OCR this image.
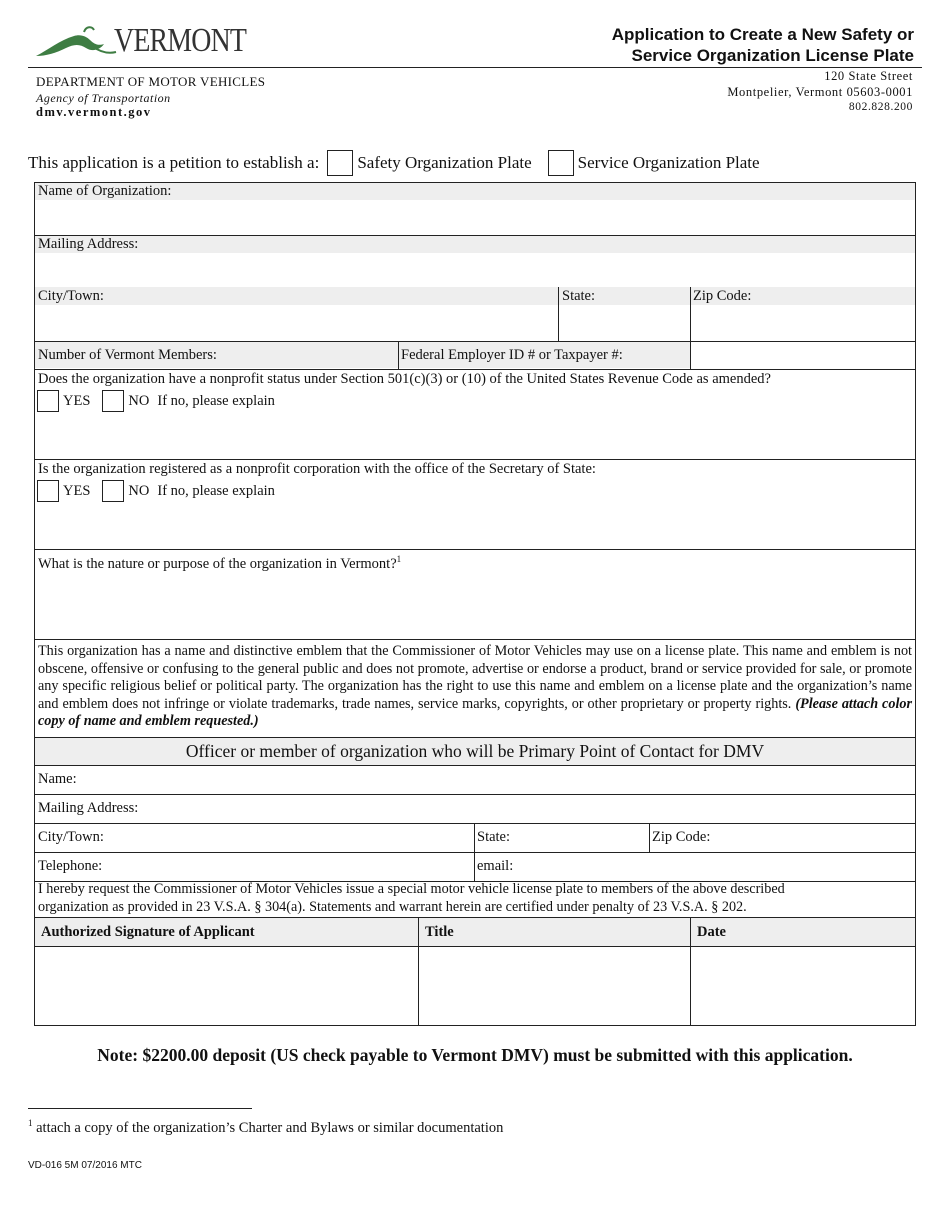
VERMONT	Application to Create a New Safety or
Service Organization License Plate
DEPARTMENT OF MOTOR VEHICLES
Agency of Transportation
dmv.vermont.gov
120 State Street
Montpelier, Vermont 05603-0001
802.828.200
This application is a petition to establish a: Safety Organization Plate	Service Organization Plate
Name of Organization:
Mailing Address:
City/Town:	State:	Zip Code:
Number of Vermont Members:	Federal Employer ID # or Taxpayer #:
Does the organization have a nonprofit status under Section 501(c)(3) or (10) of the United States Revenue Code as amended?
YES	NO If no, please explain
Is the organization registered as a nonprofit corporation with the office of the Secretary of State:
YES	NO If no, please explain
What is the nature or purpose of the organization in Vermont?$^1$
This organization has a name and distinctive emblem that the Commissioner of Motor Vehicles may use on a license plate. This name and emblem is not obscene, offensive or confusing to the general public and does not promote, advertise or endorse a product, brand or service provided for sale, or promote any specific religious belief or political party. The organization has the right to use this name and emblem on a license plate and the organization’s name and emblem does not infringe or violate trademarks, trade names, service marks, copyrights, or other proprietary or property rights. (Please attach color copy of name and emblem requested.)
Officer or member of organization who will be Primary Point of Contact for DMV
Name:
Mailing Address:
City/Town:	State:	Zip Code:
Telephone:	email:
I hereby request the Commissioner of Motor Vehicles issue a special motor vehicle license plate to members of the above described
organization as provided in 23 V.S.A. § 304(a). Statements and warrant herein are certified under penalty of 23 V.S.A. § 202.
Authorized Signature of Applicant	Title	Date
Note: $2200.00 deposit (US check payable to Vermont DMV) must be submitted with this application.
$^1$ attach a copy of the organization’s Charter and Bylaws or similar documentation
VD-016 5M 07/2016 MTC
